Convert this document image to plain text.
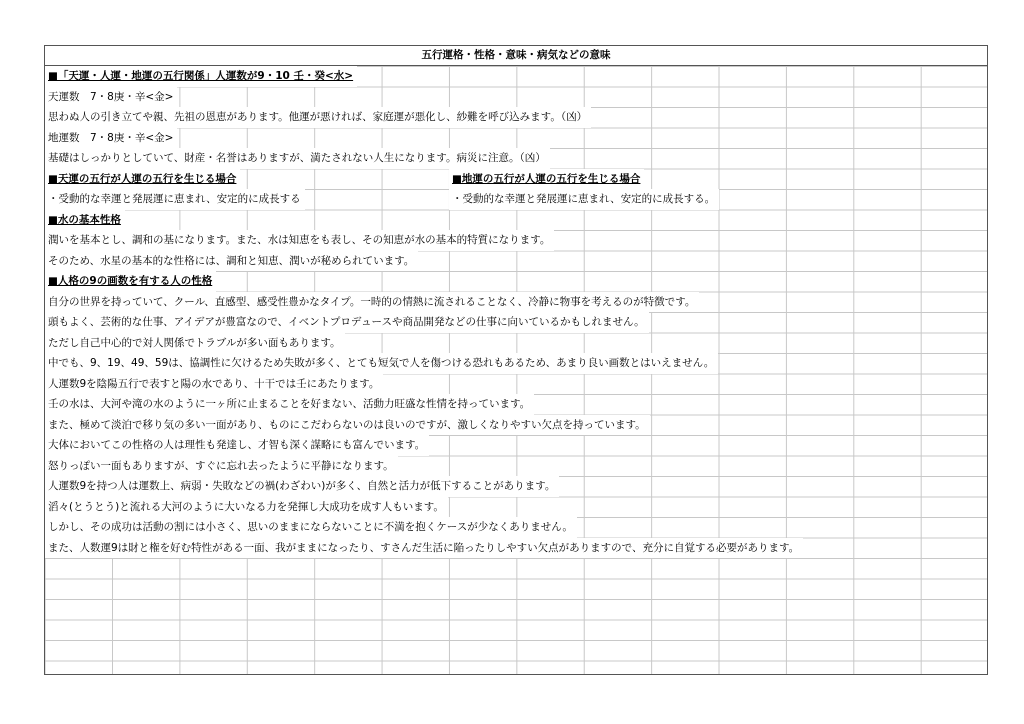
五行運格・性格・意味・病気などの意味
■「天運・人運・地運の五行関係」人運数が9・10 壬・癸<水>
天運数　7・8庚・辛<金>
思わぬ人の引き立てや親、先祖の恩恵があります。他運が悪ければ、家庭運が悪化し、紗難を呼び込みます。（凶）
地運数　7・8庚・辛<金>
基礎はしっかりとしていて、財産・名誉はありますが、満たされない人生になります。病災に注意。（凶）
■天運の五行が人運の五行を生じる場合	■地運の五行が人運の五行を生じる場合
・受動的な幸運と発展運に恵まれ、安定的に成長する	・受動的な幸運と発展運に恵まれ、安定的に成長する。
■水の基本性格
潤いを基本とし、調和の基になります。また、水は知恵をも表し、その知恵が水の基本的特質になります。
そのため、水星の基本的な性格には、調和と知恵、潤いが秘められています。
■人格の9の画数を有する人の性格
自分の世界を持っていて、クール、直感型、感受性豊かなタイプ。一時的の情熱に流されることなく、冷静に物事を考えるのが特徴です。
頭もよく、芸術的な仕事、アイデアが豊富なので、イベントプロデュースや商品開発などの仕事に向いているかもしれません。
ただし自己中心的で対人関係でトラブルが多い面もあります。
中でも、9、19、49、59は、協調性に欠けるため失敗が多く、とても短気で人を傷つける恐れもあるため、あまり良い画数とはいえません。
人運数9を陰陽五行で表すと陽の水であり、十干では壬にあたります。
壬の水は、大河や滝の水のように一ヶ所に止まることを好まない、活動力旺盛な性情を持っています。
また、極めて淡泊で移り気の多い一面があり、ものにこだわらないのは良いのですが、激しくなりやすい欠点を持っています。
大体においてこの性格の人は理性も発達し、才智も深く謀略にも富んでいます。
怒りっぽい一面もありますが、すぐに忘れ去ったように平静になります。
人運数9を持つ人は運数上、病弱・失敗などの禍(わざわい)が多く、自然と活力が低下することがあります。
滔々(とうとう)と流れる大河のように大いなる力を発揮し大成功を成す人もいます。
しかし、その成功は活動の割には小さく、思いのままにならないことに不満を抱くケースが少なくありません。
また、人数運9は財と権を好む特性がある一面、我がままになったり、すさんだ生活に陥ったりしやすい欠点がありますので、充分に自覚する必要があります。
